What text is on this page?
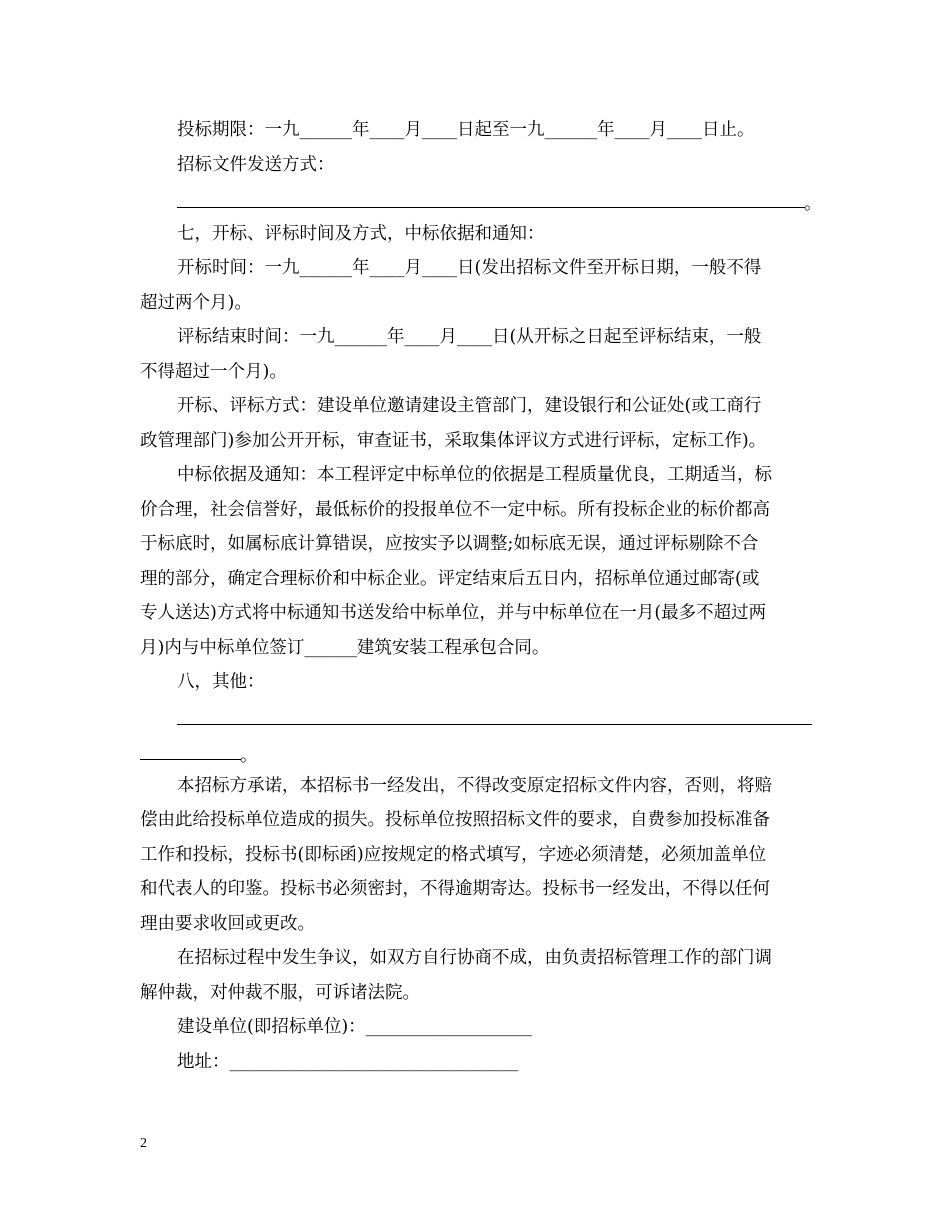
投标期限：一九______年____月____日起至一九______年____月____日止。
招标文件发送方式：
。
七，开标、评标时间及方式，中标依据和通知：
开标时间：一九______年____月____日(发出招标文件至开标日期，一般不得
超过两个月)。
评标结束时间：一九______年____月____日(从开标之日起至评标结束，一般
不得超过一个月)。
开标、评标方式：建设单位邀请建设主管部门，建设银行和公证处(或工商行
政管理部门)参加公开开标，审查证书，采取集体评议方式进行评标，定标工作)。
中标依据及通知：本工程评定中标单位的依据是工程质量优良，工期适当，标
价合理，社会信誉好，最低标价的投报单位不一定中标。所有投标企业的标价都高
于标底时，如属标底计算错误，应按实予以调整;如标底无误，通过评标剔除不合
理的部分，确定合理标价和中标企业。评定结束后五日内，招标单位通过邮寄(或
专人送达)方式将中标通知书送发给中标单位，并与中标单位在一月(最多不超过两
月)内与中标单位签订______建筑安装工程承包合同。
八，其他：
。
本招标方承诺，本招标书一经发出，不得改变原定招标文件内容，否则，将赔
偿由此给投标单位造成的损失。投标单位按照招标文件的要求，自费参加投标准备
工作和投标，投标书(即标函)应按规定的格式填写，字迹必须清楚，必须加盖单位
和代表人的印鉴。投标书必须密封，不得逾期寄达。投标书一经发出，不得以任何
理由要求收回或更改。
在招标过程中发生争议，如双方自行协商不成，由负责招标管理工作的部门调
解仲裁，对仲裁不服，可诉诸法院。
建设单位(即招标单位)：___________________
地址：_________________________________
2
